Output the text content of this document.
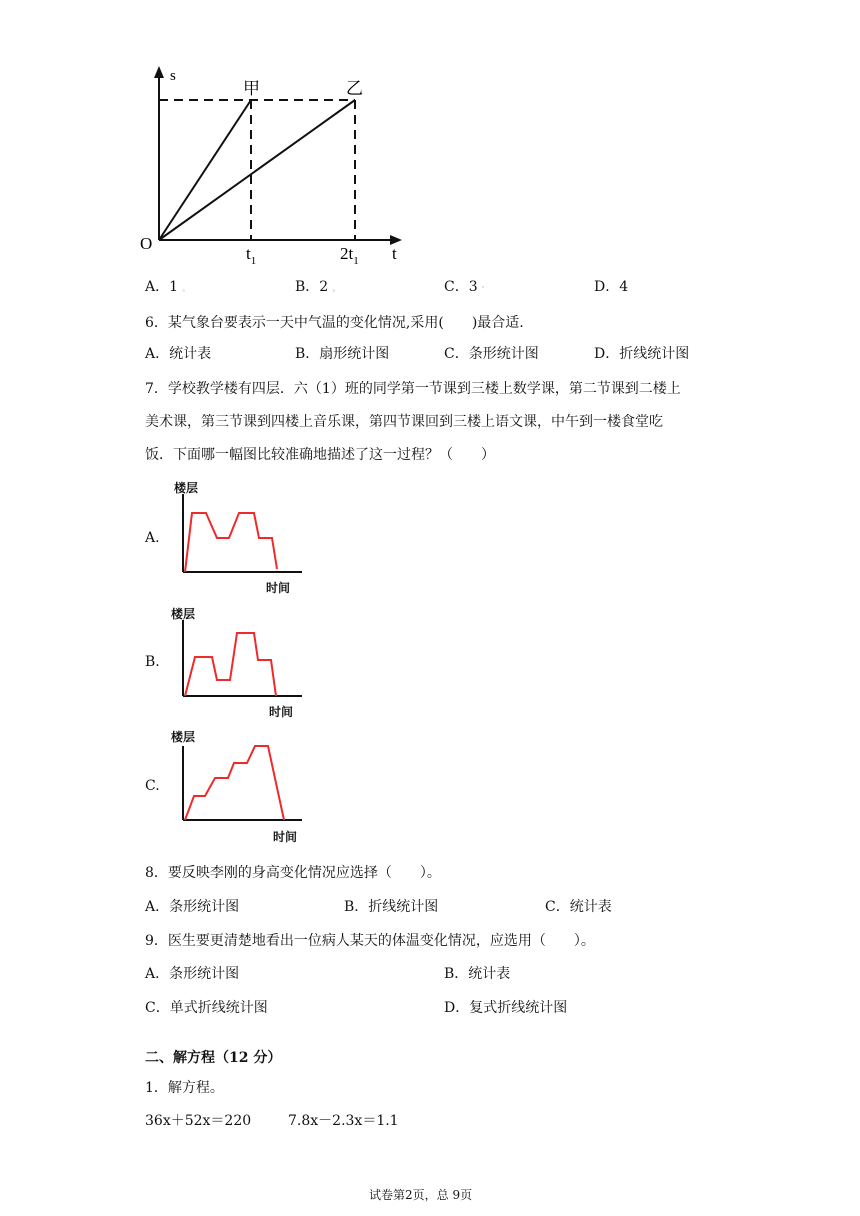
s
t
O
甲	乙
$t_1$	$2t_1$
A．1 。	B．2 。	C．3 '	D．4
6．某气象台要表示一天中气温的变化情况,采用(　　)最合适.
A．统计表	B．扇形统计图	C．条形统计图	D．折线统计图
7．学校教学楼有四层．六（1）班的同学第一节课到三楼上数学课，第二节课到二楼上
美术课，第三节课到四楼上音乐课，第四节课回到三楼上语文课，中午到一楼食堂吃
饭．下面哪一幅图比较准确地描述了这一过程？（　　）
A.
楼层
时间
B.
楼层
时间
C.
楼层
时间
8．要反映李刚的身高变化情况应选择（　　）。
A．条形统计图	B．折线统计图	C．统计表
9．医生要更清楚地看出一位病人某天的体温变化情况，应选用（　　）。
A．条形统计图	B．统计表
C．单式折线统计图	D．复式折线统计图
二、解方程（12 分）
1．解方程。
36x＋52x＝220	7.8x－2.3x＝1.1
试卷第2页，总 9页
